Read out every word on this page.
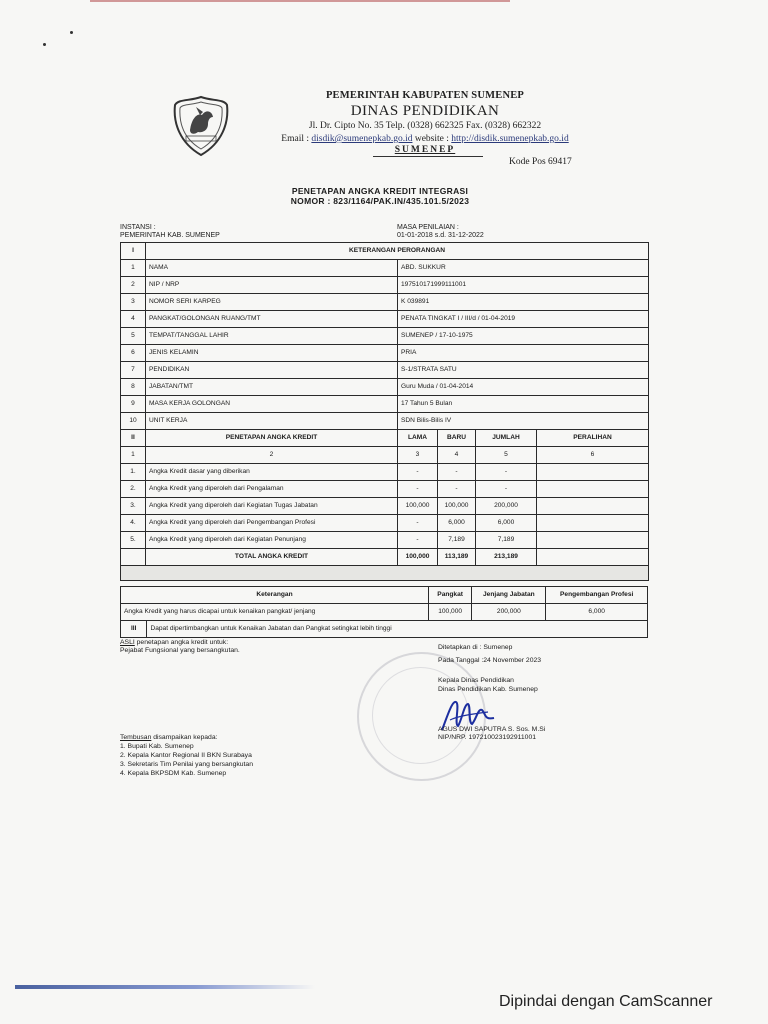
PEMERINTAH KABUPATEN SUMENEP
DINAS PENDIDIKAN
Jl. Dr. Cipto No. 35 Telp. (0328) 662325 Fax. (0328) 662322
Email : disdik@sumenepkab.go.id website : http://disdik.sumenepkab.go.id
SUMENEP
Kode Pos 69417
PENETAPAN ANGKA KREDIT INTEGRASI
NOMOR : 823/1164/PAK.IN/435.101.5/2023
INSTANSI :
PEMERINTAH KAB. SUMENEP
MASA PENILAIAN :
01-01-2018 s.d. 31-12-2022
I	KETERANGAN PERORANGAN				
1	NAMA	ABD. SUKKUR			
2	NIP / NRP	197510171999111001			
3	NOMOR SERI KARPEG	K 039891			
4	PANGKAT/GOLONGAN RUANG/TMT	PENATA TINGKAT I / III/d / 01-04-2019			
5	TEMPAT/TANGGAL LAHIR	SUMENEP / 17-10-1975			
6	JENIS KELAMIN	PRIA			
7	PENDIDIKAN	S-1/STRATA SATU			
8	JABATAN/TMT	Guru Muda / 01-04-2014			
9	MASA KERJA GOLONGAN	17 Tahun 5 Bulan			
10	UNIT KERJA	SDN Bilis-Bilis IV			
II	PENETAPAN ANGKA KREDIT	LAMA	BARU	JUMLAH	PERALIHAN
1	2	3	4	5	6
1.	Angka Kredit dasar yang diberikan	-	-	-	
2.	Angka Kredit yang diperoleh dari Pengalaman	-	-	-	
3.	Angka Kredit yang diperoleh dari Kegiatan Tugas Jabatan	100,000	100,000	200,000	
4.	Angka Kredit yang diperoleh dari Pengembangan Profesi	-	6,000	6,000	
5.	Angka Kredit yang diperoleh dari Kegiatan Penunjang	-	7,189	7,189	
	TOTAL ANGKA KREDIT	100,000	113,189	213,189	

Keterangan	Pangkat	Jenjang Jabatan	Pengembangan Profesi
Angka Kredit yang harus dicapai untuk kenaikan pangkat/ jenjang	100,000	200,000	6,000
III	Dapat dipertimbangkan untuk Kenaikan Jabatan dan Pangkat setingkat lebih tinggi
ASLI penetapan angka kredit untuk:
Pejabat Fungsional yang bersangkutan.	Ditetapkan di : Sumenep
Pada Tanggal :24 November 2023
Kepala Dinas Pendidikan
Dinas Pendidikan Kab. Sumenep
AGUS DWI SAPUTRA S. Sos. M.Si
NIP/NRP. 197210023192911001
Tembusan disampaikan kepada:
1. Bupati Kab. Sumenep
2. Kepala Kantor Regional II BKN Surabaya
3. Sekretaris Tim Penilai yang bersangkutan
4. Kepala BKPSDM Kab. Sumenep
Dipindai dengan CamScanner
